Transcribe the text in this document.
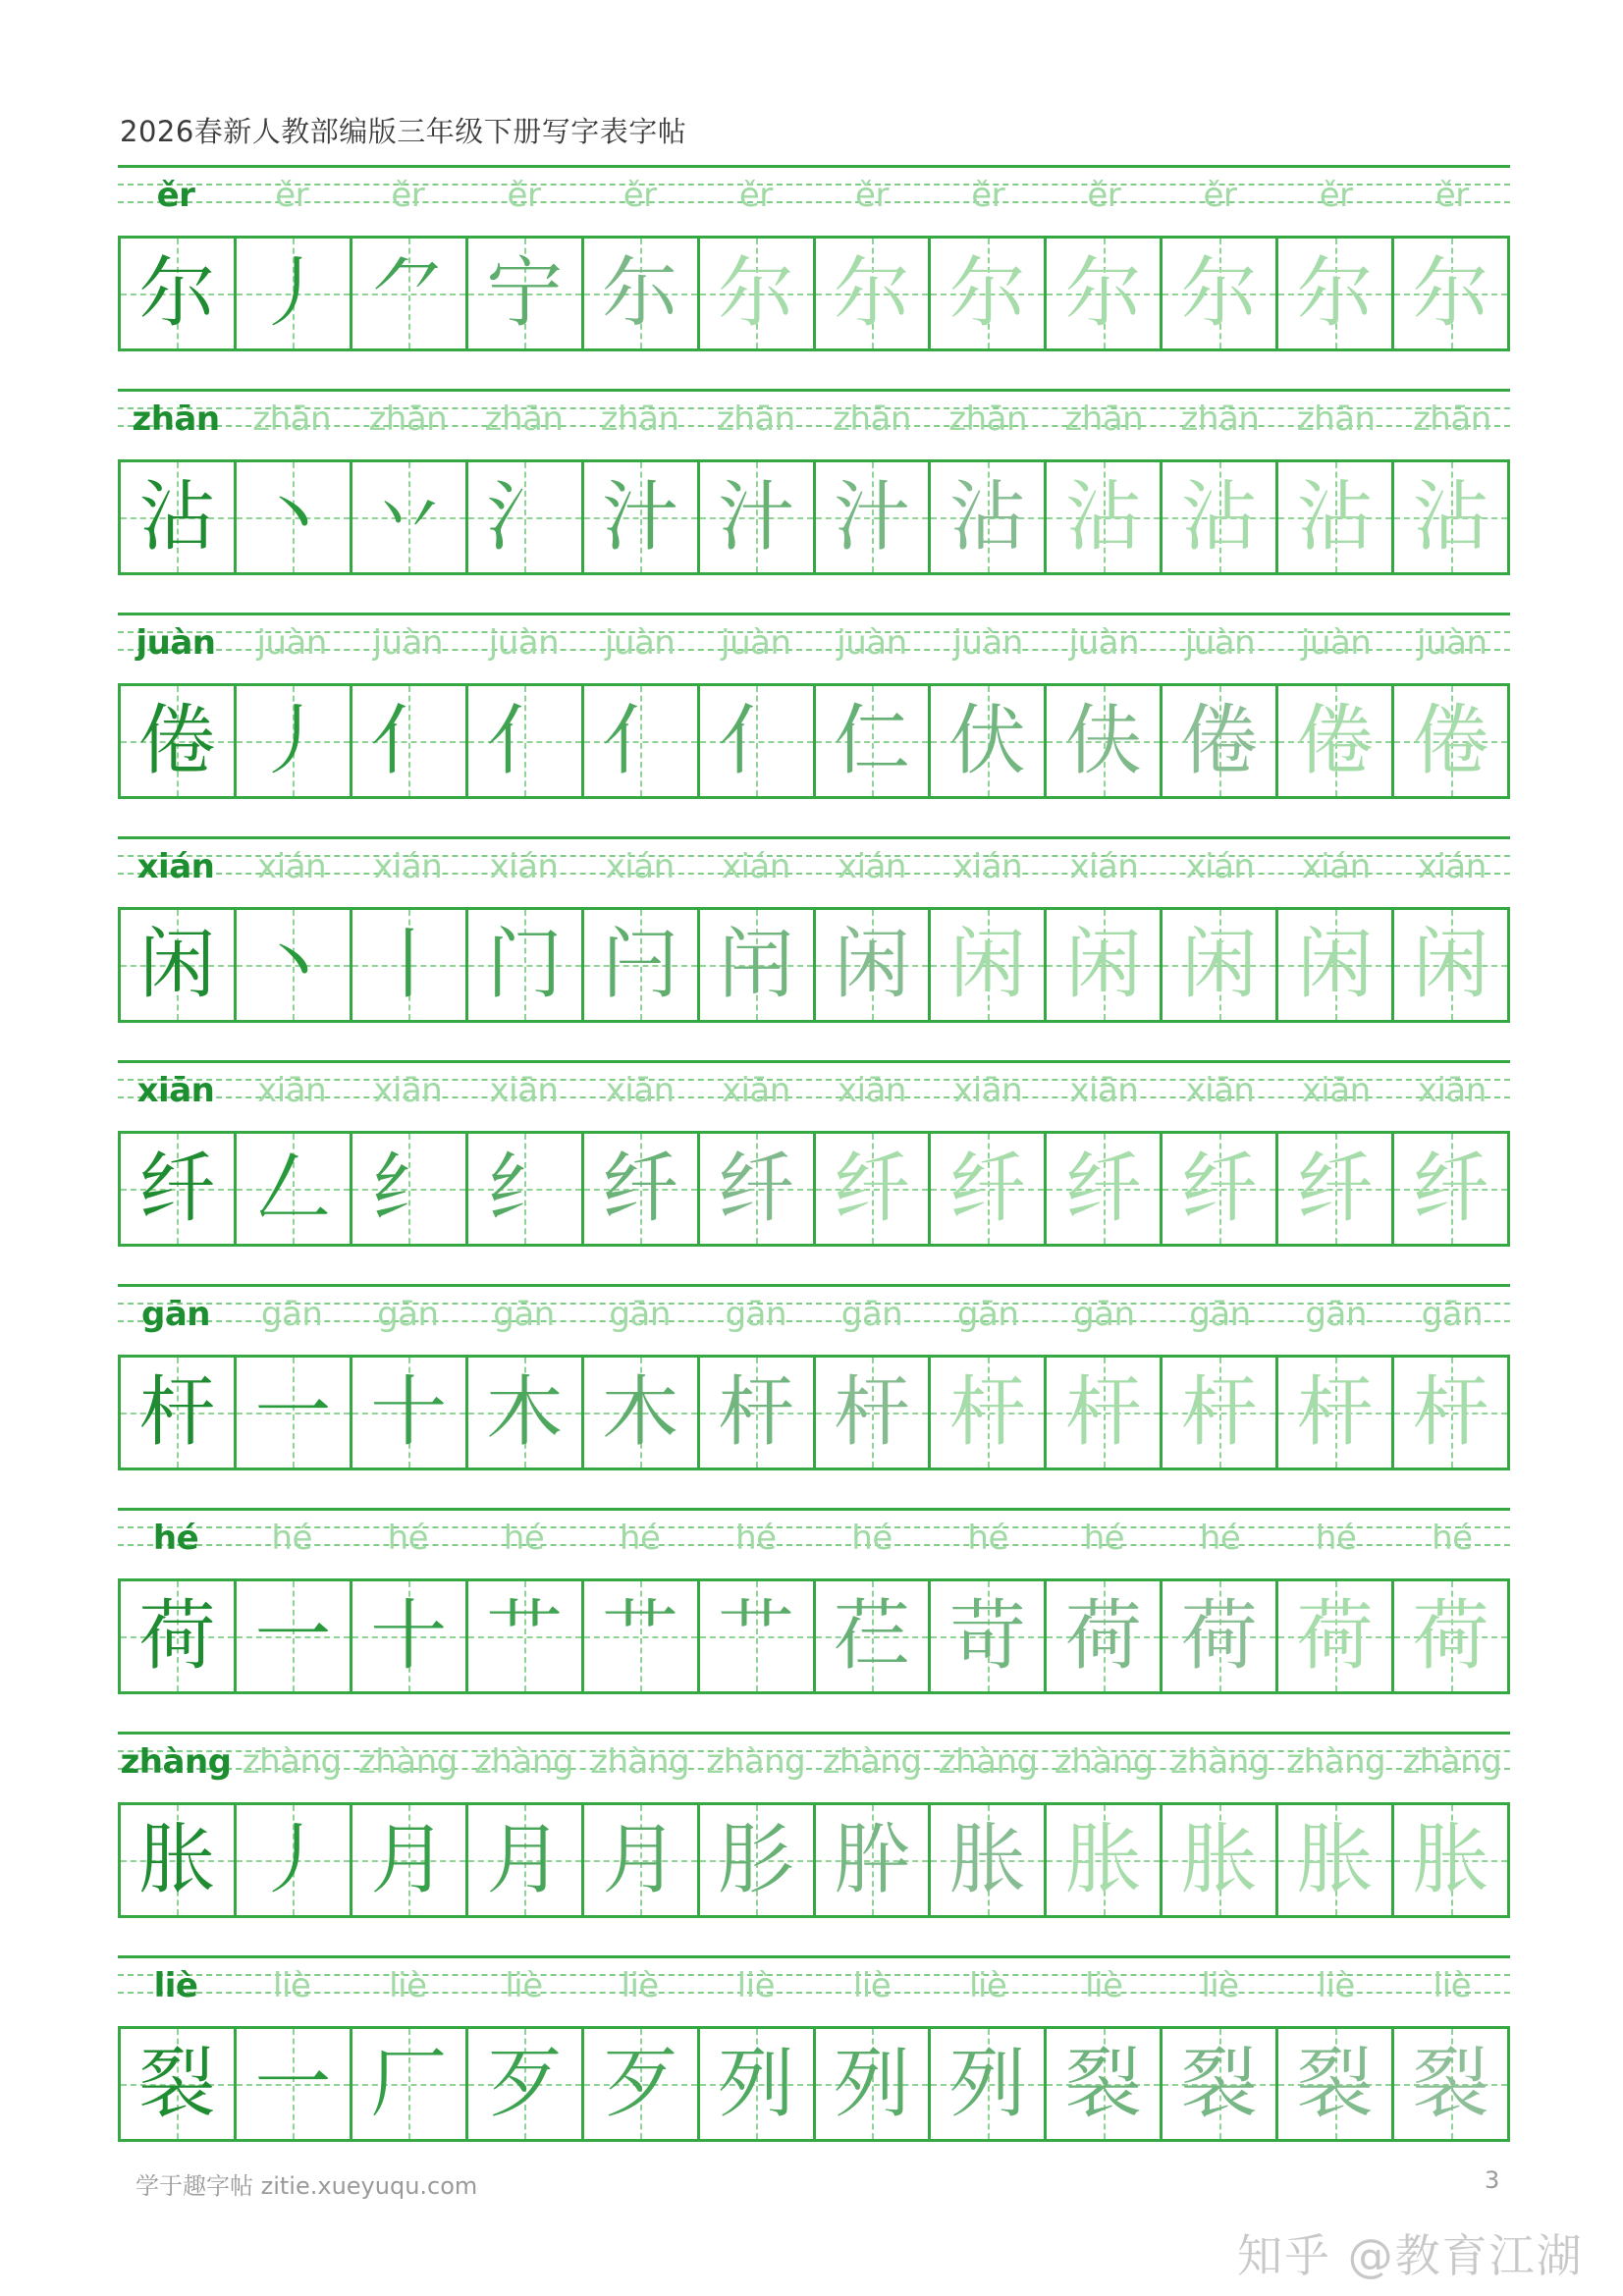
2026春新人教部编版三年级下册写字表字帖
ěr	ěr	ěr	ěr	ěr	ěr	ěr	ěr	ěr	ěr	ěr	ěr
尔 丿 ⺈ 宁 尓 尔 尔 尔 尔 尔 尔 尔
zhān zhān	zhān	zhān	zhān	zhān	zhān	zhān	zhān	zhān	zhān	zhān
沾 丶 丷 氵 汁 汁 汁 沾 沾 沾 沾 沾
juàn	juàn	juàn	juàn	juàn	juàn	juàn	juàn	juàn	juàn	juàn	juàn
倦 丿 亻 亻 亻 亻 仁 伏 伕 倦 倦 倦
xián	xián	xián	xián	xián	xián	xián	xián	xián	xián	xián	xián
闲 丶 丨 门 闩 闬 闲 闲 闲 闲 闲 闲
xiān	xiān	xiān	xiān	xiān	xiān	xiān	xiān	xiān	xiān	xiān	xiān
纤 𠃋 纟 纟 纤 纤 纤 纤 纤 纤 纤 纤
gān	gān	gān	gān	gān	gān	gān	gān	gān	gān	gān	gān
杆 一 十 木 木 杆 杆 杆 杆 杆 杆 杆
hé	hé	hé	hé	hé	hé	hé	hé	hé	hé	hé	hé
荷 一 十 艹 艹 艹 芢 苛 荷 荷 荷 荷
zhàng zhàng zhàng zhàng zhàng zhàng zhàng zhàng zhàng zhàng zhàng zhàng
胀 丿 月 月 月 肜 肸 胀 胀 胀 胀 胀
liè	liè	liè	liè	liè	liè	liè	liè	liè	liè	liè	liè
裂 一 厂 歹 歹 列 列 列 裂 裂 裂 裂
学于趣字帖 zitie.xueyuqu.com	3
知乎 @教育江湖
